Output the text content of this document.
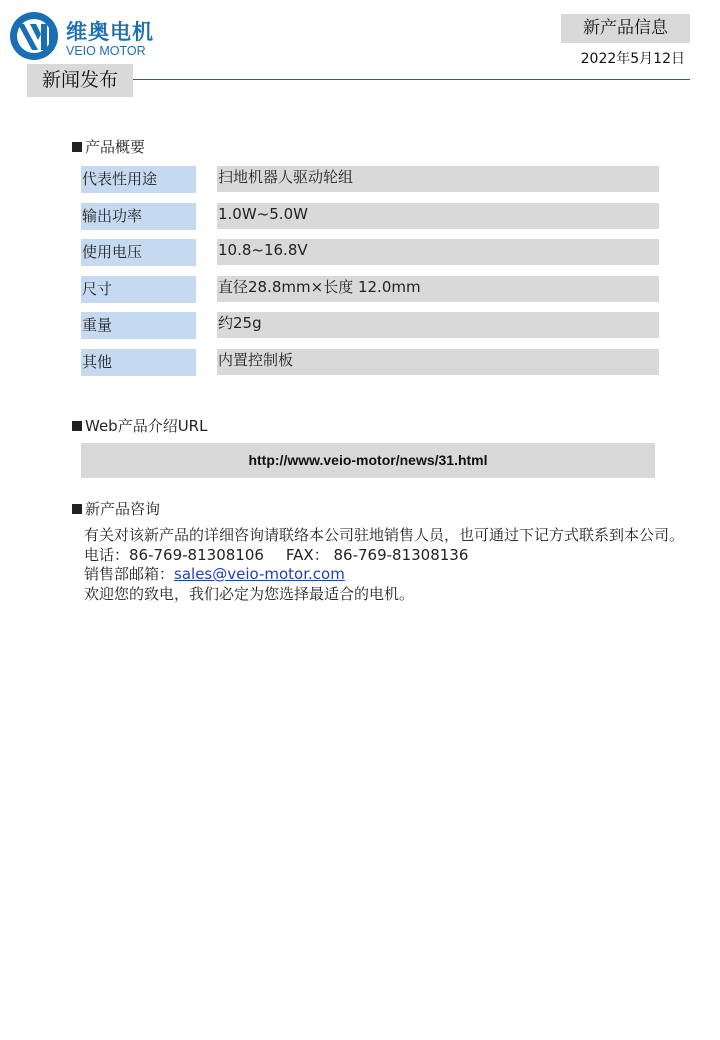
维奥电机
VEIO MOTOR
新产品信息
2022年5月12日
新闻发布
产品概要
代表性用途	扫地机器人驱动轮组
输出功率	1.0W~5.0W
使用电压	10.8~16.8V
尺寸	直径28.8mm×长度 12.0mm
重量	约25g
其他	内置控制板
Web产品介绍URL
http://www.veio-motor/news/31.html
新产品咨询

有关对该新产品的详细咨询请联络本公司驻地销售人员，也可通过下记方式联系到本公司。

电话：86-769-81308106 FAX： 86-769-81308136

销售部邮箱：sales@veio-motor.com

欢迎您的致电，我们必定为您选择最适合的电机。
